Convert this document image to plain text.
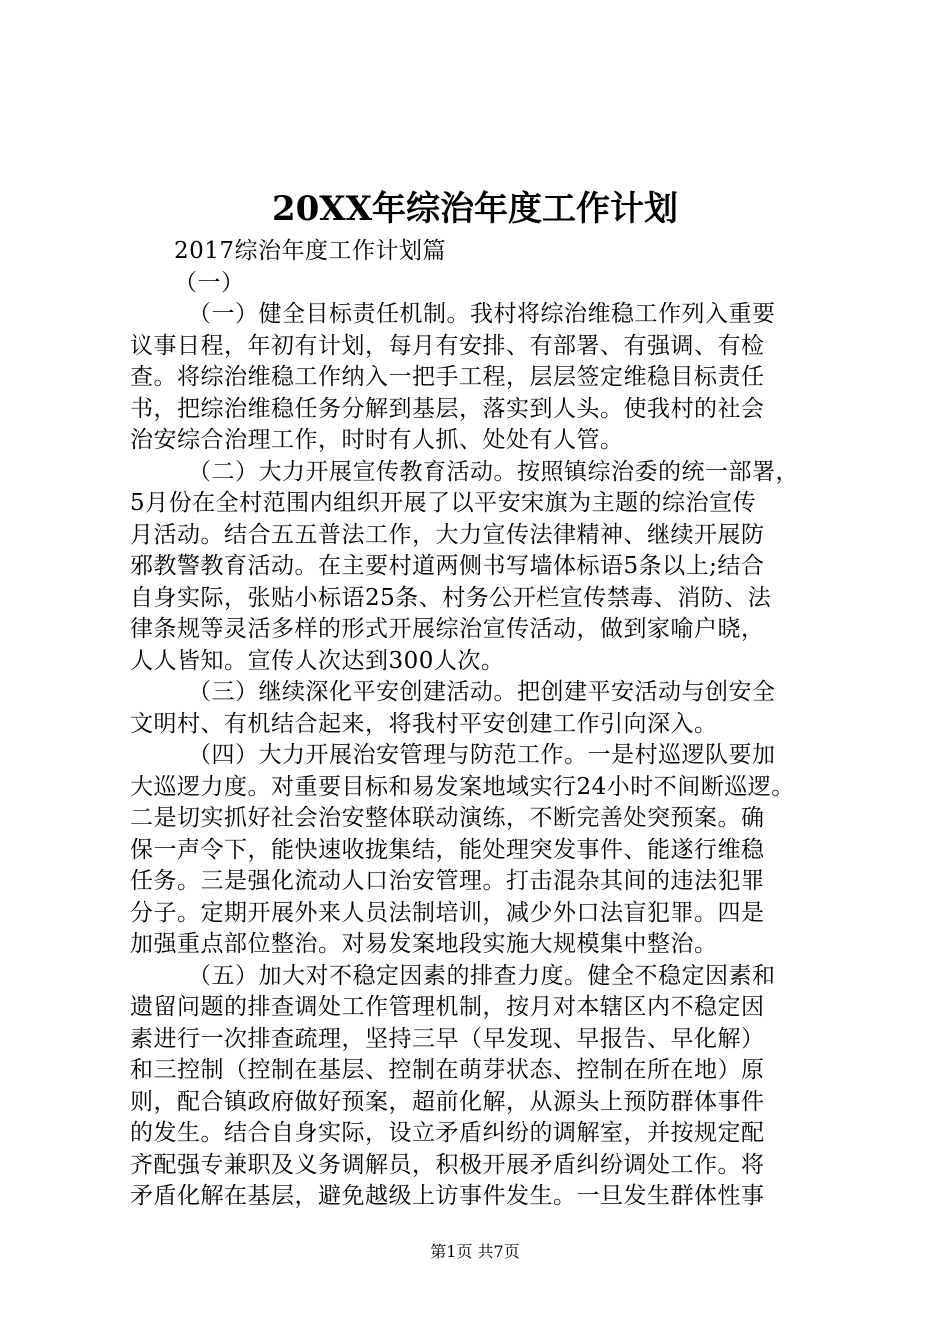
20XX年综治年度工作计划
2017综治年度工作计划篇
（一）
（一）健全目标责任机制。我村将综治维稳工作列入重要
议事日程，年初有计划，每月有安排、有部署、有强调、有检
查。将综治维稳工作纳入一把手工程，层层签定维稳目标责任
书，把综治维稳任务分解到基层，落实到人头。使我村的社会
治安综合治理工作，时时有人抓、处处有人管。
（二）大力开展宣传教育活动。按照镇综治委的统一部署，
5月份在全村范围内组织开展了以平安宋旗为主题的综治宣传
月活动。结合五五普法工作，大力宣传法律精神、继续开展防
邪教警教育活动。在主要村道两侧书写墙体标语5条以上;结合
自身实际，张贴小标语25条、村务公开栏宣传禁毒、消防、法
律条规等灵活多样的形式开展综治宣传活动，做到家喻户晓，
人人皆知。宣传人次达到300人次。
（三）继续深化平安创建活动。把创建平安活动与创安全
文明村、有机结合起来，将我村平安创建工作引向深入。
（四）大力开展治安管理与防范工作。一是村巡逻队要加
大巡逻力度。对重要目标和易发案地域实行24小时不间断巡逻。
二是切实抓好社会治安整体联动演练，不断完善处突预案。确
保一声令下，能快速收拢集结，能处理突发事件、能遂行维稳
任务。三是强化流动人口治安管理。打击混杂其间的违法犯罪
分子。定期开展外来人员法制培训，减少外口法盲犯罪。四是
加强重点部位整治。对易发案地段实施大规模集中整治。
（五）加大对不稳定因素的排查力度。健全不稳定因素和
遗留问题的排查调处工作管理机制，按月对本辖区内不稳定因
素进行一次排查疏理，坚持三早（早发现、早报告、早化解）
和三控制（控制在基层、控制在萌芽状态、控制在所在地）原
则，配合镇政府做好预案，超前化解，从源头上预防群体事件
的发生。结合自身实际，设立矛盾纠纷的调解室，并按规定配
齐配强专兼职及义务调解员，积极开展矛盾纠纷调处工作。将
矛盾化解在基层，避免越级上访事件发生。一旦发生群体性事
第1页 共7页
